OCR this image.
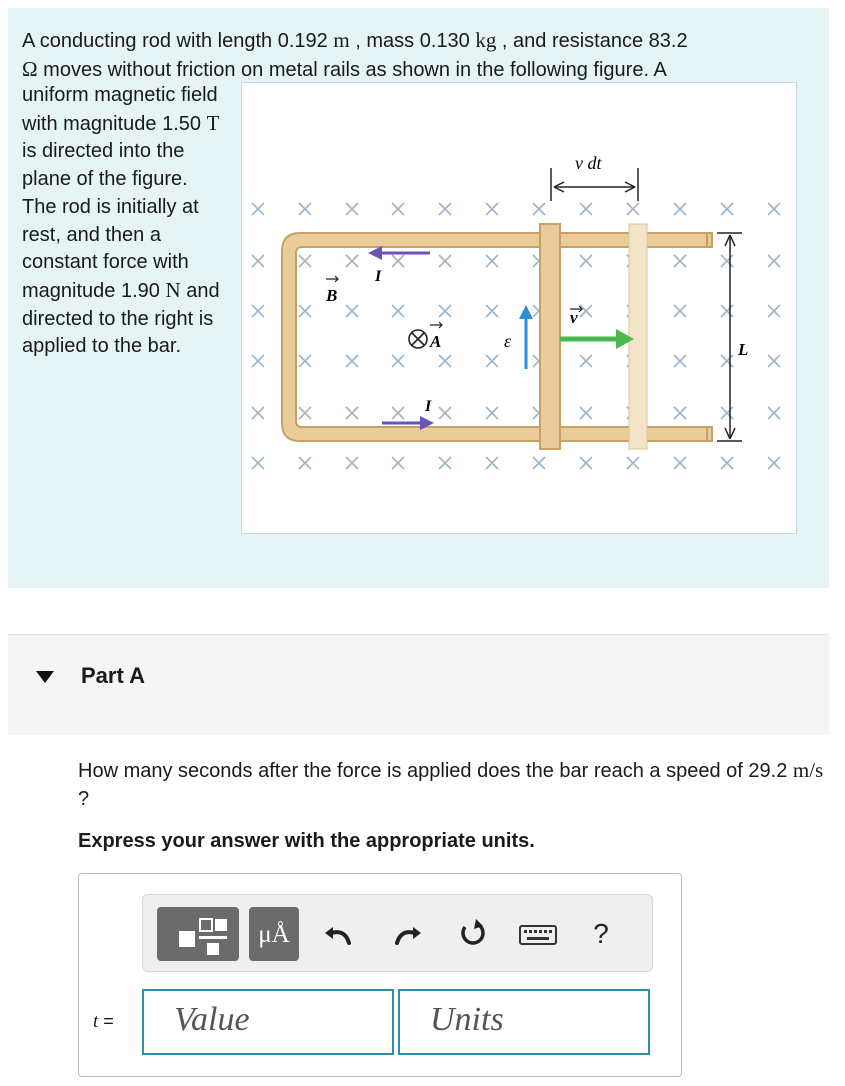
A conducting rod with length 0.192 m , mass 0.130 kg , and resistance 83.2
Ω moves without friction on metal rails as shown in the following figure. A
uniform magnetic field with magnitude 1.50 T is directed into the plane of the figure. The rod is initially at rest, and then a constant force with magnitude 1.90 N and directed to the right is applied to the bar.
v dt
L
I
B
A	ε
v
I
Part A
How many seconds after the force is applied does the bar reach a speed of 29.2 m/s ?
Express your answer with the appropriate units.
μÅ	?
t =	Value	Units
